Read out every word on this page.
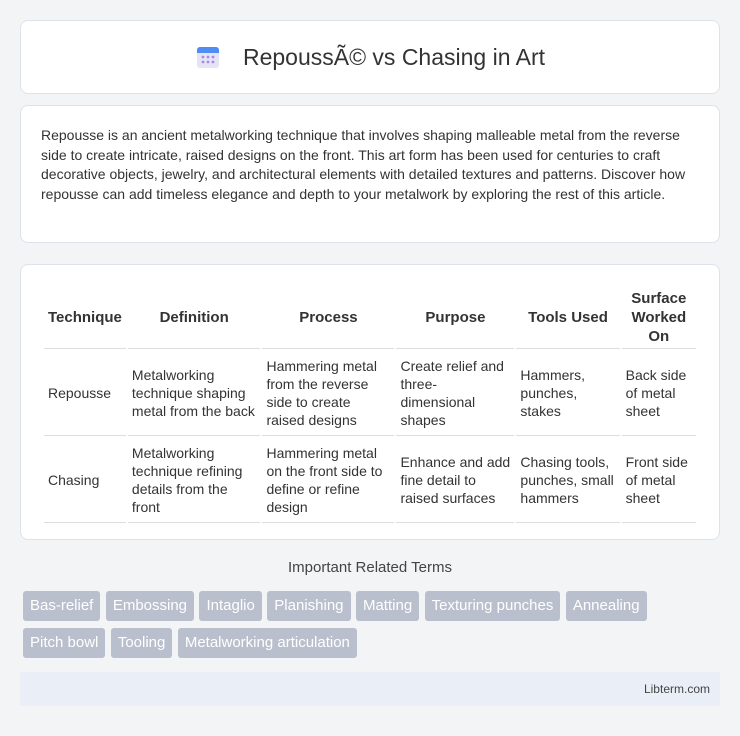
RepoussÃ© vs Chasing in Art

Repousse is an ancient metalworking technique that involves shaping malleable metal from the reverse side to create intricate, raised designs on the front. This art form has been used for centuries to craft decorative objects, jewelry, and architectural elements with detailed textures and patterns. Discover how repousse can add timeless elegance and depth to your metalwork by exploring the rest of this article.

Technique	Definition	Process	Purpose	Tools Used	Surface Worked On
Repousse	Metalworking technique shaping metal from the back	Hammering metal from the reverse side to create raised designs	Create relief and three-dimensional shapes	Hammers, punches, stakes	Back side of metal sheet
Chasing	Metalworking technique refining details from the front	Hammering metal on the front side to define or refine design	Enhance and add fine detail to raised surfaces	Chasing tools, punches, small hammers	Front side of metal sheet
Important Related Terms
Bas-relief Embossing Intaglio Planishing Matting Texturing punches Annealing Pitch bowl Tooling Metalworking articulation
Libterm.com
